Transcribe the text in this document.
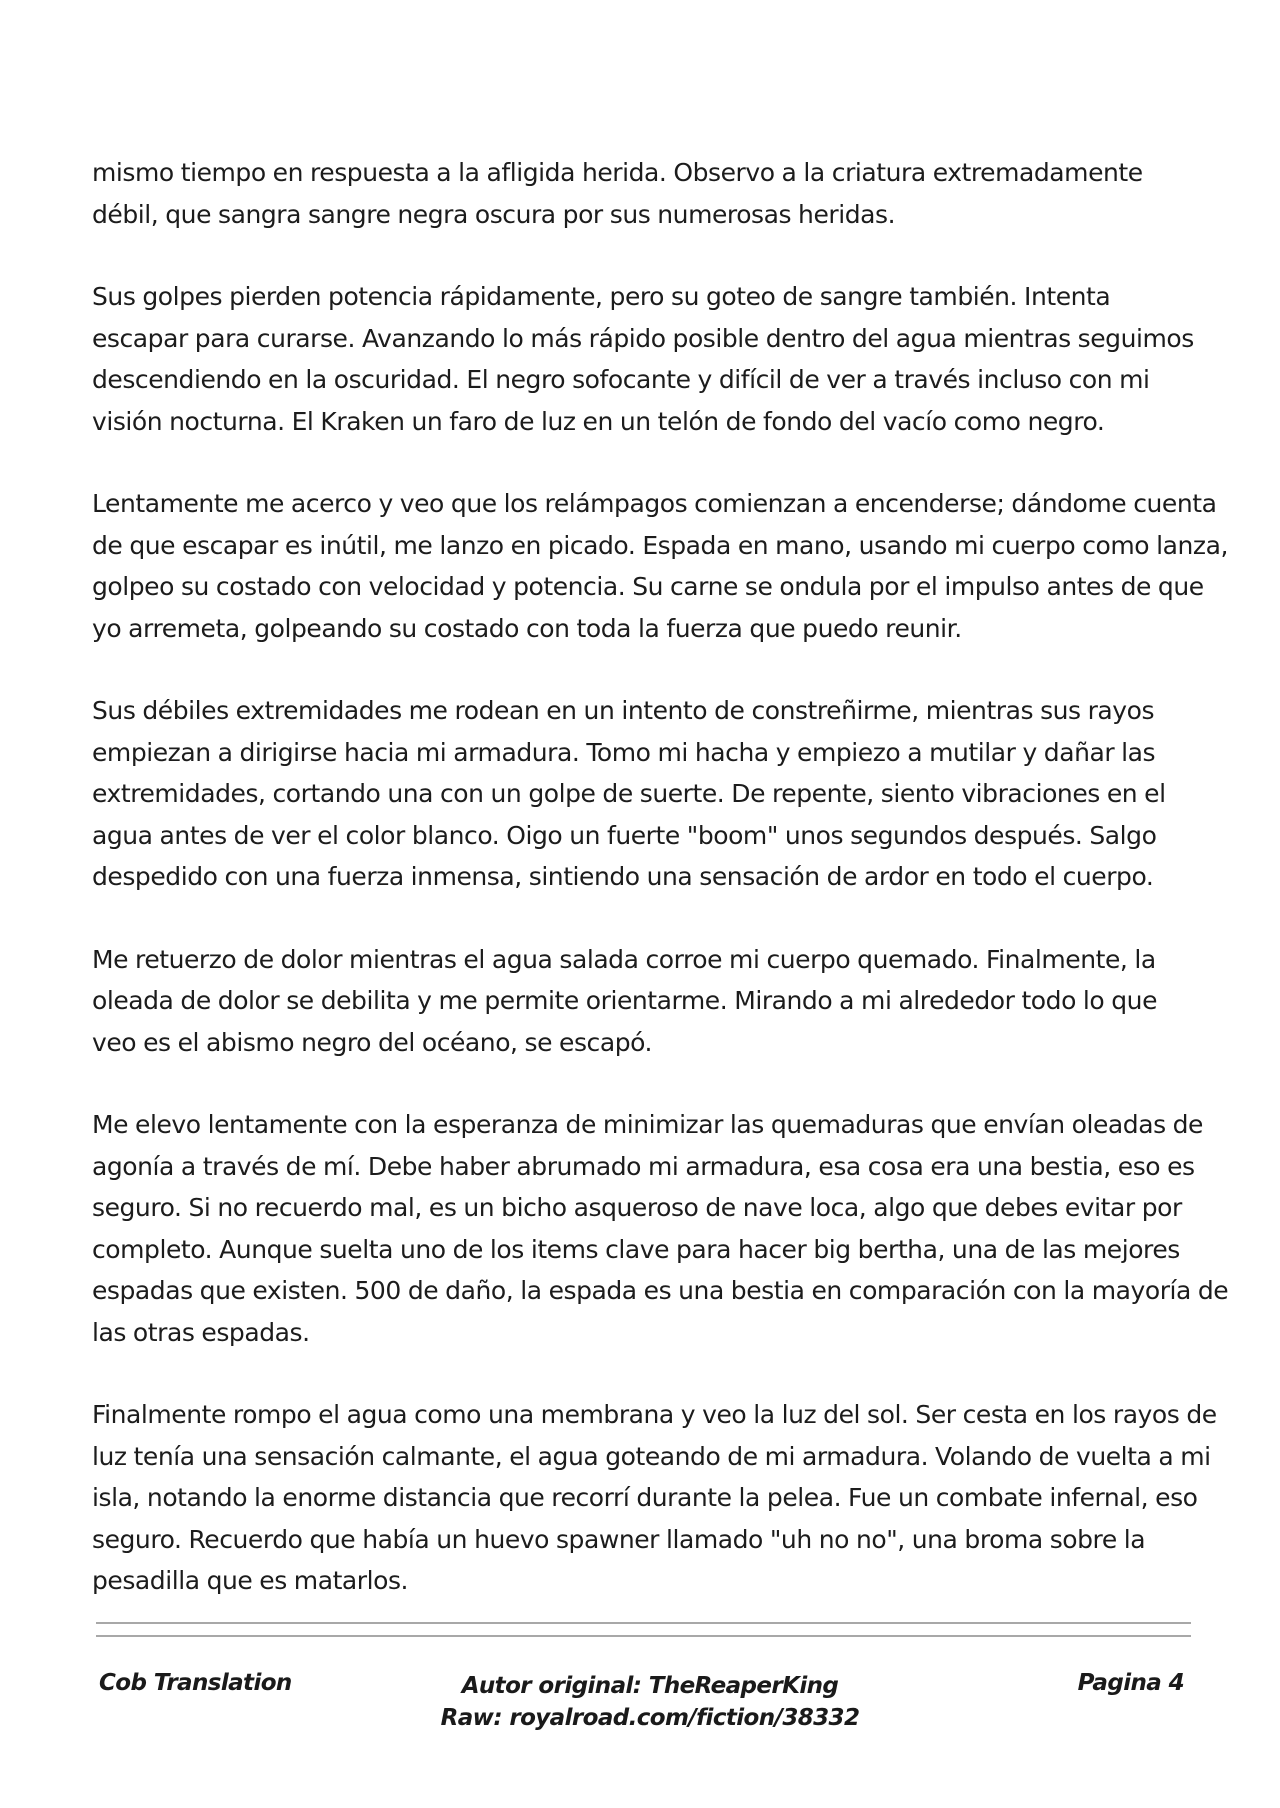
mismo tiempo en respuesta a la afligida herida. Observo a la criatura extremadamente
débil, que sangra sangre negra oscura por sus numerosas heridas.

Sus golpes pierden potencia rápidamente, pero su goteo de sangre también. Intenta
escapar para curarse. Avanzando lo más rápido posible dentro del agua mientras seguimos
descendiendo en la oscuridad. El negro sofocante y difícil de ver a través incluso con mi
visión nocturna. El Kraken un faro de luz en un telón de fondo del vacío como negro.

Lentamente me acerco y veo que los relámpagos comienzan a encenderse; dándome cuenta
de que escapar es inútil, me lanzo en picado. Espada en mano, usando mi cuerpo como lanza,
golpeo su costado con velocidad y potencia. Su carne se ondula por el impulso antes de que
yo arremeta, golpeando su costado con toda la fuerza que puedo reunir.

Sus débiles extremidades me rodean en un intento de constreñirme, mientras sus rayos
empiezan a dirigirse hacia mi armadura. Tomo mi hacha y empiezo a mutilar y dañar las
extremidades, cortando una con un golpe de suerte. De repente, siento vibraciones en el
agua antes de ver el color blanco. Oigo un fuerte "boom" unos segundos después. Salgo
despedido con una fuerza inmensa, sintiendo una sensación de ardor en todo el cuerpo.

Me retuerzo de dolor mientras el agua salada corroe mi cuerpo quemado. Finalmente, la
oleada de dolor se debilita y me permite orientarme. Mirando a mi alrededor todo lo que
veo es el abismo negro del océano, se escapó.

Me elevo lentamente con la esperanza de minimizar las quemaduras que envían oleadas de
agonía a través de mí. Debe haber abrumado mi armadura, esa cosa era una bestia, eso es
seguro. Si no recuerdo mal, es un bicho asqueroso de nave loca, algo que debes evitar por
completo. Aunque suelta uno de los items clave para hacer big bertha, una de las mejores
espadas que existen. 500 de daño, la espada es una bestia en comparación con la mayoría de
las otras espadas.

Finalmente rompo el agua como una membrana y veo la luz del sol. Ser cesta en los rayos de
luz tenía una sensación calmante, el agua goteando de mi armadura. Volando de vuelta a mi
isla, notando la enorme distancia que recorrí durante la pelea. Fue un combate infernal, eso
seguro. Recuerdo que había un huevo spawner llamado "uh no no", una broma sobre la
pesadilla que es matarlos.

Cob Translation	Autor original: TheReaperKing
Raw: royalroad.com/fiction/38332
Pagina 4
